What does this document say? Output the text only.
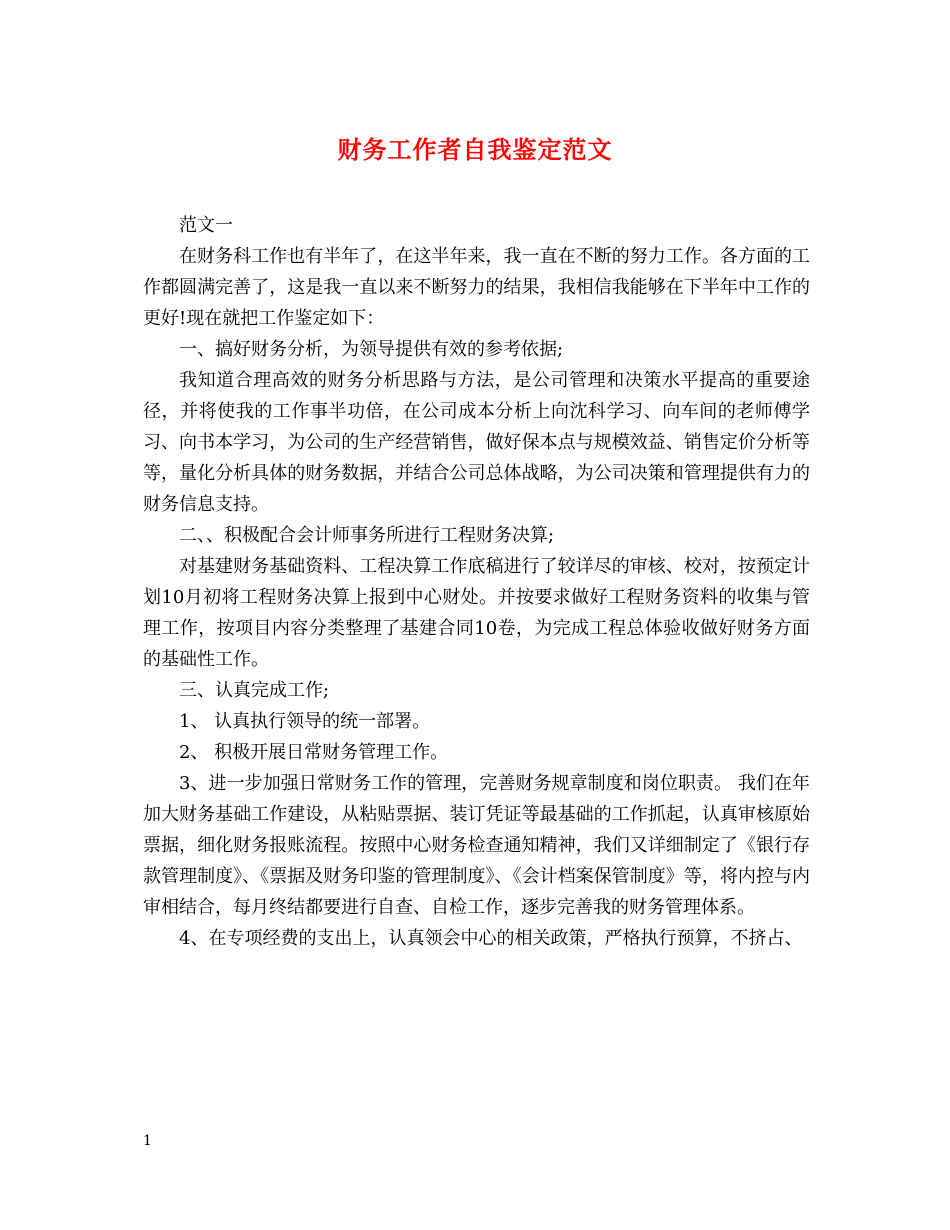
财务工作者自我鉴定范文

范文一

在财务科工作也有半年了，在这半年来，我一直在不断的努力工作。各方面的工作都圆满完善了，这是我一直以来不断努力的结果，我相信我能够在下半年中工作的更好!现在就把工作鉴定如下：

一、搞好财务分析，为领导提供有效的参考依据;

我知道合理高效的财务分析思路与方法，是公司管理和决策水平提高的重要途径，并将使我的工作事半功倍，在公司成本分析上向沈科学习、向车间的老师傅学习、向书本学习，为公司的生产经营销售，做好保本点与规模效益、销售定价分析等等，量化分析具体的财务数据，并结合公司总体战略，为公司决策和管理提供有力的财务信息支持。

二、、积极配合会计师事务所进行工程财务决算;

对基建财务基础资料、工程决算工作底稿进行了较详尽的审核、校对，按预定计划10月初将工程财务决算上报到中心财处。并按要求做好工程财务资料的收集与管理工作，按项目内容分类整理了基建合同10卷，为完成工程总体验收做好财务方面的基础性工作。

三、认真完成工作;

1、 认真执行领导的统一部署。

2、 积极开展日常财务管理工作。

3、进一步加强日常财务工作的管理，完善财务规章制度和岗位职责。 我们在年加大财务基础工作建设，从粘贴票据、装订凭证等最基础的工作抓起，认真审核原始票据，细化财务报账流程。按照中心财务检查通知精神，我们又详细制定了《银行存款管理制度》、《票据及财务印鉴的管理制度》、《会计档案保管制度》等，将内控与内审相结合，每月终结都要进行自查、自检工作，逐步完善我的财务管理体系。

4、在专项经费的支出上，认真领会中心的相关政策，严格执行预算，不挤占、

1
